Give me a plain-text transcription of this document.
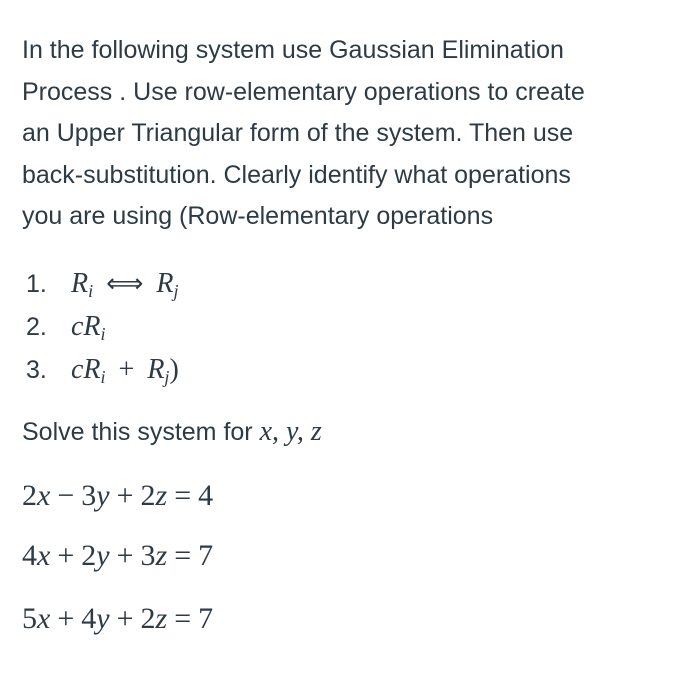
In the following system use Gaussian Elimination
Process . Use row-elementary operations to create
an Upper Triangular form of the system. Then use
back-substitution. Clearly identify what operations
you are using (Row-elementary operations

1. $R_i$ ⟺ $R_j$
2. $cR_i$
3. $cR_i + R_j$)
Solve this system for x, y, z
2x − 3y + 2z = 4
4x + 2y + 3z = 7
5x + 4y + 2z = 7
